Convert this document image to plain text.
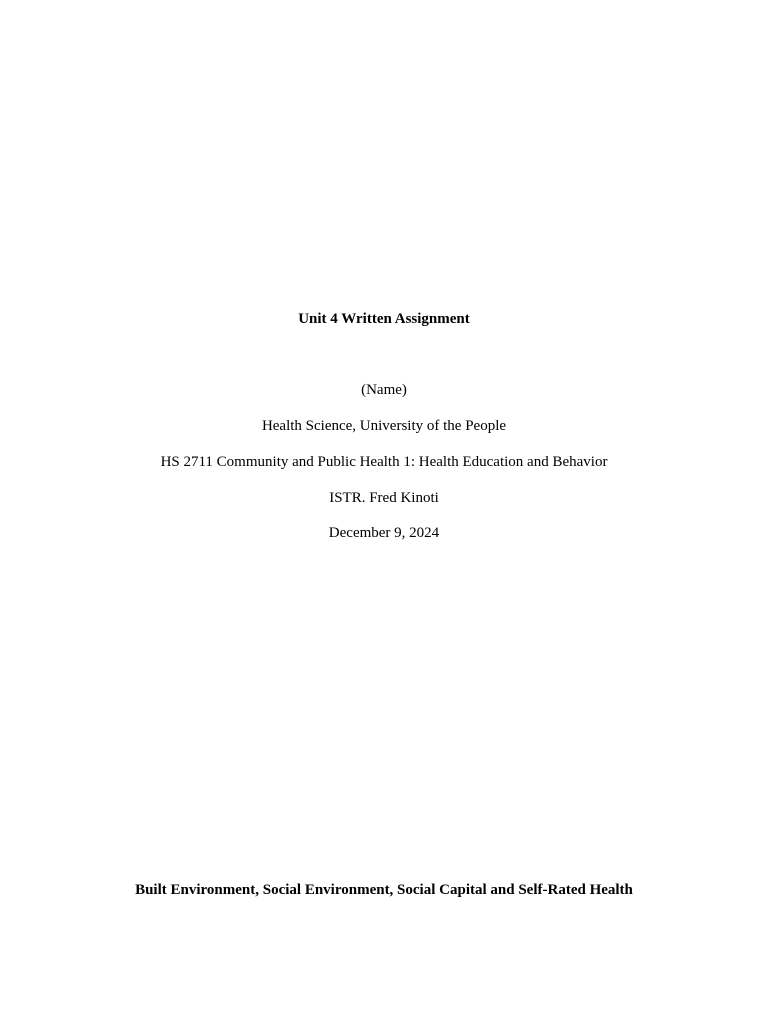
Unit 4 Written Assignment
(Name)
Health Science, University of the People
HS 2711 Community and Public Health 1: Health Education and Behavior
ISTR. Fred Kinoti
December 9, 2024
Built Environment, Social Environment, Social Capital and Self-Rated Health
